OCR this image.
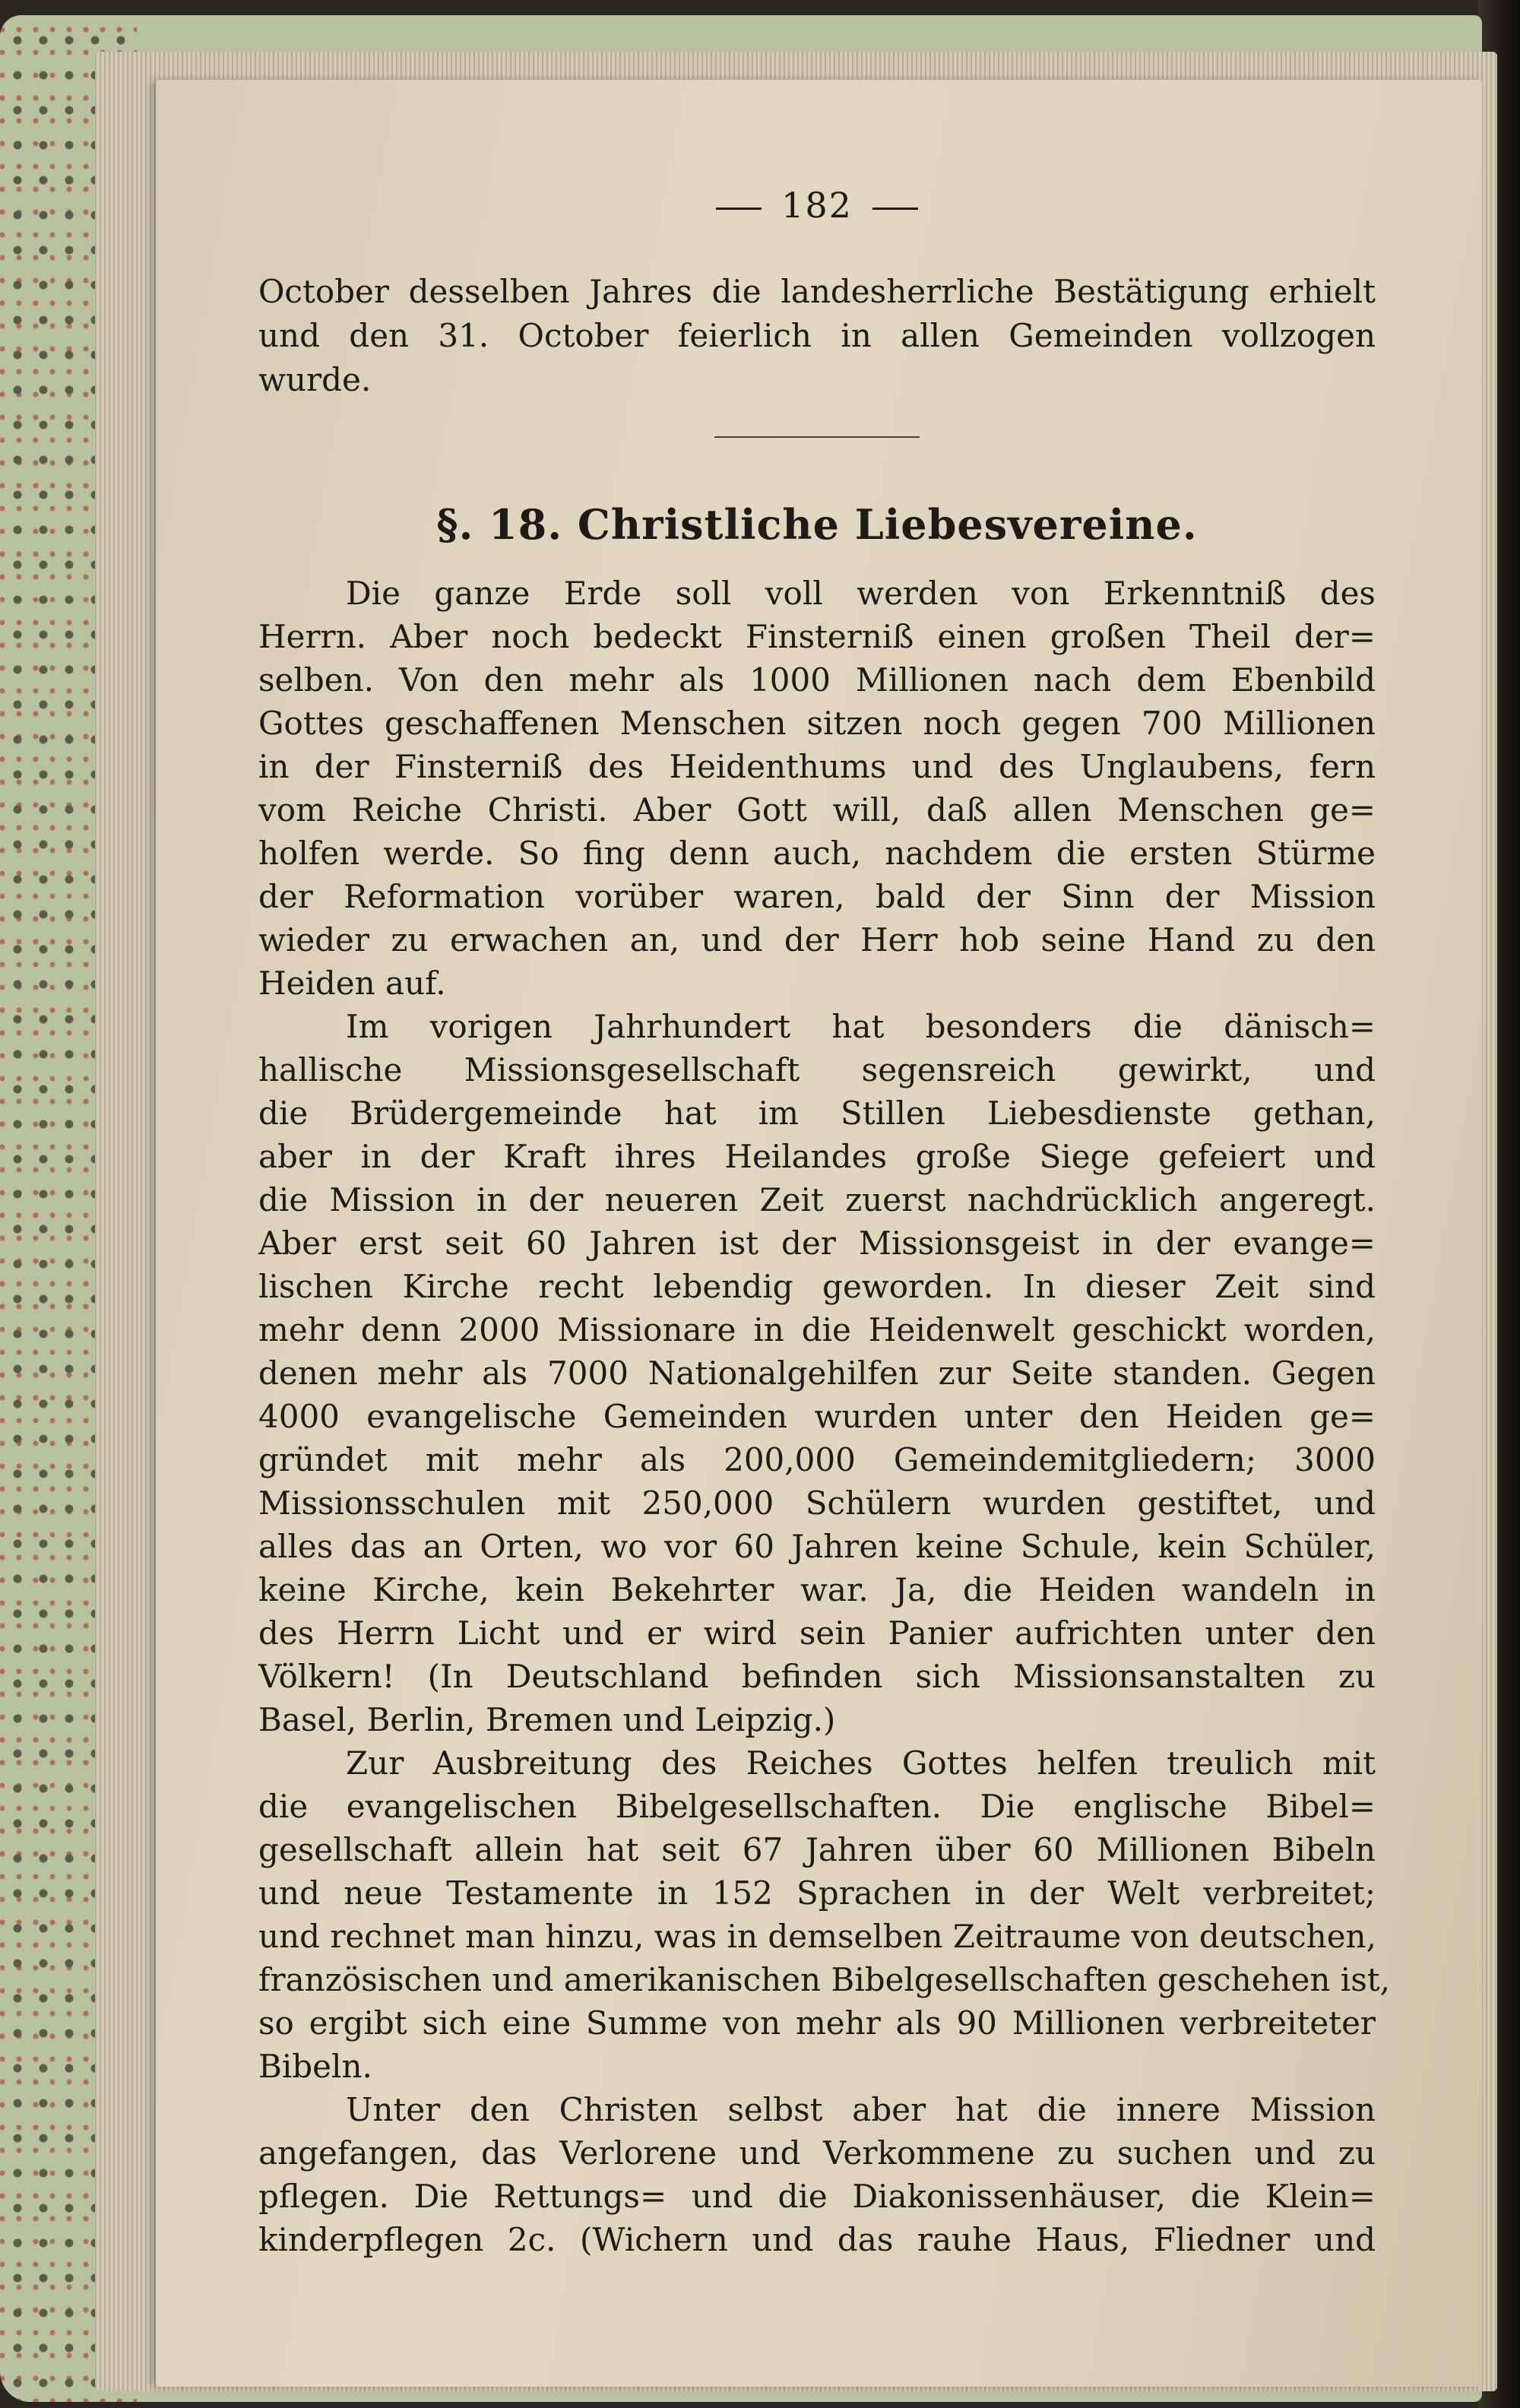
182
October desselben Jahres die landesherrliche Bestätigung erhielt
und den 31. October feierlich in allen Gemeinden vollzogen
wurde.
§. 18. Christliche Liebesvereine.
Die ganze Erde soll voll werden von Erkenntniß des
Herrn. Aber noch bedeckt Finsterniß einen großen Theil der=
selben. Von den mehr als 1000 Millionen nach dem Ebenbild
Gottes geschaffenen Menschen sitzen noch gegen 700 Millionen
in der Finsterniß des Heidenthums und des Unglaubens, fern
vom Reiche Christi. Aber Gott will, daß allen Menschen ge=
holfen werde. So fing denn auch, nachdem die ersten Stürme
der Reformation vorüber waren, bald der Sinn der Mission
wieder zu erwachen an, und der Herr hob seine Hand zu den
Heiden auf.
Im vorigen Jahrhundert hat besonders die dänisch=
hallische Missionsgesellschaft segensreich gewirkt, und
die Brüdergemeinde hat im Stillen Liebesdienste gethan,
aber in der Kraft ihres Heilandes große Siege gefeiert und
die Mission in der neueren Zeit zuerst nachdrücklich angeregt.
Aber erst seit 60 Jahren ist der Missionsgeist in der evange=
lischen Kirche recht lebendig geworden. In dieser Zeit sind
mehr denn 2000 Missionare in die Heidenwelt geschickt worden,
denen mehr als 7000 Nationalgehilfen zur Seite standen. Gegen
4000 evangelische Gemeinden wurden unter den Heiden ge=
gründet mit mehr als 200,000 Gemeindemitgliedern; 3000
Missionsschulen mit 250,000 Schülern wurden gestiftet, und
alles das an Orten, wo vor 60 Jahren keine Schule, kein Schüler,
keine Kirche, kein Bekehrter war. Ja, die Heiden wandeln in
des Herrn Licht und er wird sein Panier aufrichten unter den
Völkern! (In Deutschland befinden sich Missionsanstalten zu
Basel, Berlin, Bremen und Leipzig.)
Zur Ausbreitung des Reiches Gottes helfen treulich mit
die evangelischen Bibelgesellschaften. Die englische Bibel=
gesellschaft allein hat seit 67 Jahren über 60 Millionen Bibeln
und neue Testamente in 152 Sprachen in der Welt verbreitet;
und rechnet man hinzu, was in demselben Zeitraume von deutschen,
französischen und amerikanischen Bibelgesellschaften geschehen ist,
so ergibt sich eine Summe von mehr als 90 Millionen verbreiteter
Bibeln.
Unter den Christen selbst aber hat die innere Mission
angefangen, das Verlorene und Verkommene zu suchen und zu
pflegen. Die Rettungs= und die Diakonissenhäuser, die Klein=
kinderpflegen 2c. (Wichern und das rauhe Haus, Fliedner und
